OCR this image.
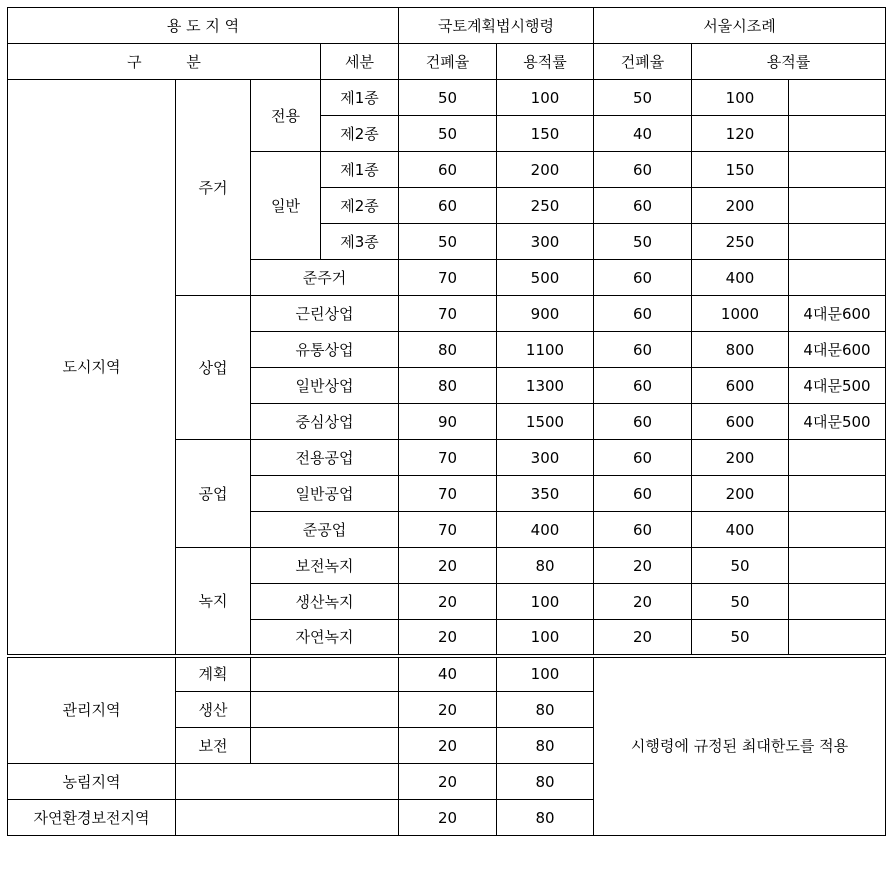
용 도 지 역				국토계획법시행령		서울시조례		
구 분			세분	건폐율	용적률	건폐율	용적률	
도시지역	주거	전용	제1종	50	100	50	100	
			제2종	50	150	40	120	
		일반	제1종	60	200	60	150	
			제2종	60	250	60	200	
			제3종	50	300	50	250	
		준주거		70	500	60	400	
	상업	근린상업		70	900	60	1000	4대문600
		유통상업		80	1100	60	800	4대문600
		일반상업		80	1300	60	600	4대문500
		중심상업		90	1500	60	600	4대문500
	공업	전용공업		70	300	60	200	
		일반공업		70	350	60	200	
		준공업		70	400	60	400	
	녹지	보전녹지		20	80	20	50	
		생산녹지		20	100	20	50	
		자연녹지		20	100	20	50	
관리지역	계획			40	100	시행령에 규정된 최대한도를 적용		
	생산			20	80			
	보전			20	80			
농림지역				20	80			
자연환경보전지역				20	80			
